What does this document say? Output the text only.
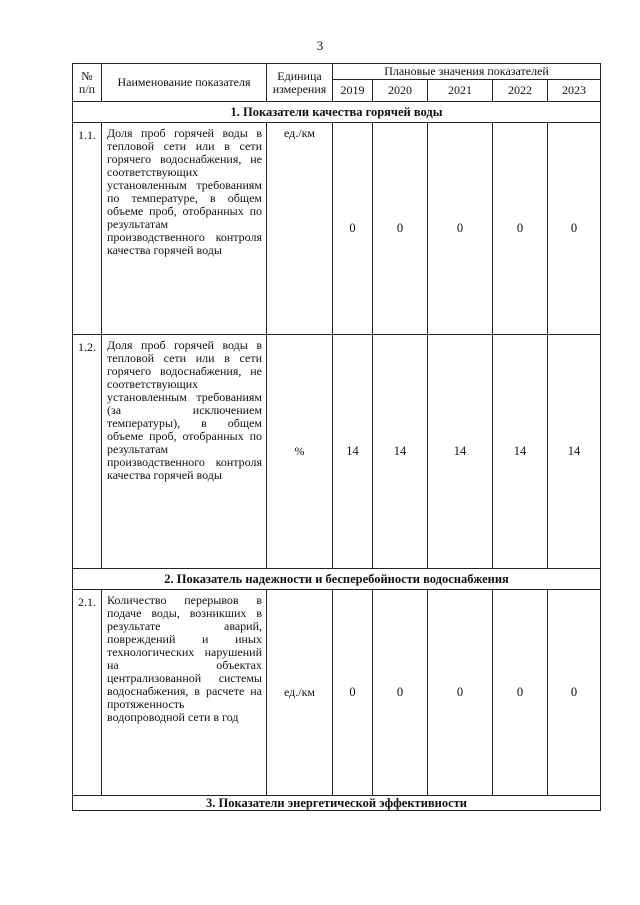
3
№ п/п	Наименование показателя	Единица измерения	Плановые значения показателей				
			2019	2020	2021	2022	2023
1. Показатели качества горячей воды							
1.1.	Доля проб горячей воды в тепловой сети или в сети горячего водоснабжения, не соответствующих установленным требованиям по температуре, в общем объеме проб, отобранных по результатам производственного контроля качества горячей воды	ед./км	0	0	0	0	0
1.2.	Доля проб горячей воды в тепловой сети или в сети горячего водоснабжения, не соответствующих установленным требованиям (за исключением температуры), в общем объеме проб, отобранных по результатам производственного контроля качества горячей воды	%	14	14	14	14	14
2. Показатель надежности и бесперебойности водоснабжения							
2.1.	Количество перерывов в подаче воды, возникших в результате аварий, повреждений и иных технологических нарушений на объектах централизованной системы водоснабжения, в расчете на протяженность водопроводной сети в год	ед./км	0	0	0	0	0
3. Показатели энергетической эффективности							
